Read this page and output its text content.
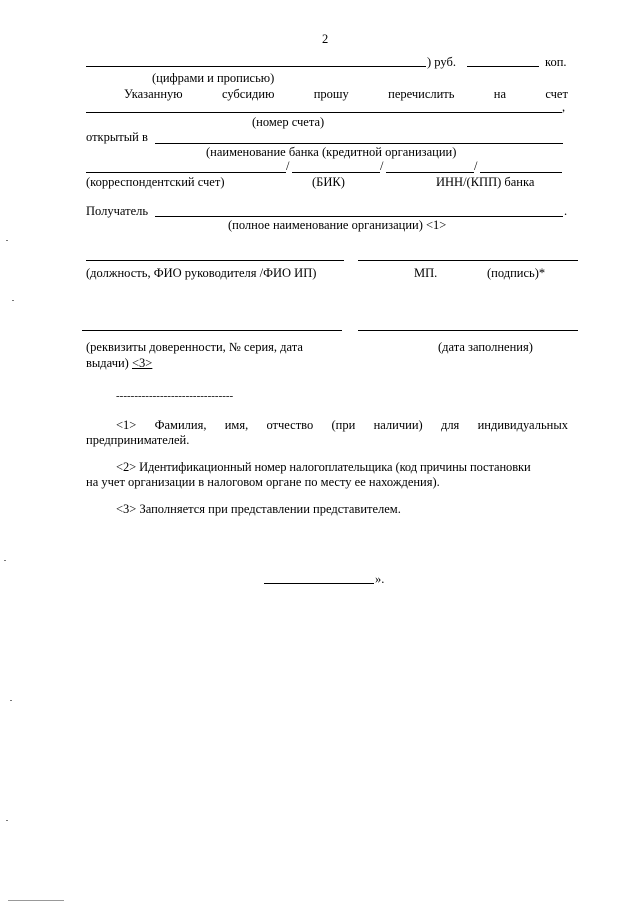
2
) руб.	коп.
(цифрами и прописью)
Указанную	субсидию	прошу	перечислить	на	счет
,
(номер счета)
открытый в
(наименование банка (кредитной организации)
/	/	/
(корреспондентский счет)	(БИК)	ИНН/(КПП) банка
Получатель	.
(полное наименование организации) <1>
(должность, ФИО руководителя /ФИО ИП)	МП.	(подпись)*
(реквизиты доверенности, № серия, дата
выдачи) <3>
(дата заполнения)
--------------------------------
<1> Фамилия, имя, отчество (при наличии) для индивидуальных
предпринимателей.
<2> Идентификационный номер налогоплательщика (код причины постановки
на учет организации в налоговом органе по месту ее нахождения).
<3> Заполняется при представлении представителем.
».
